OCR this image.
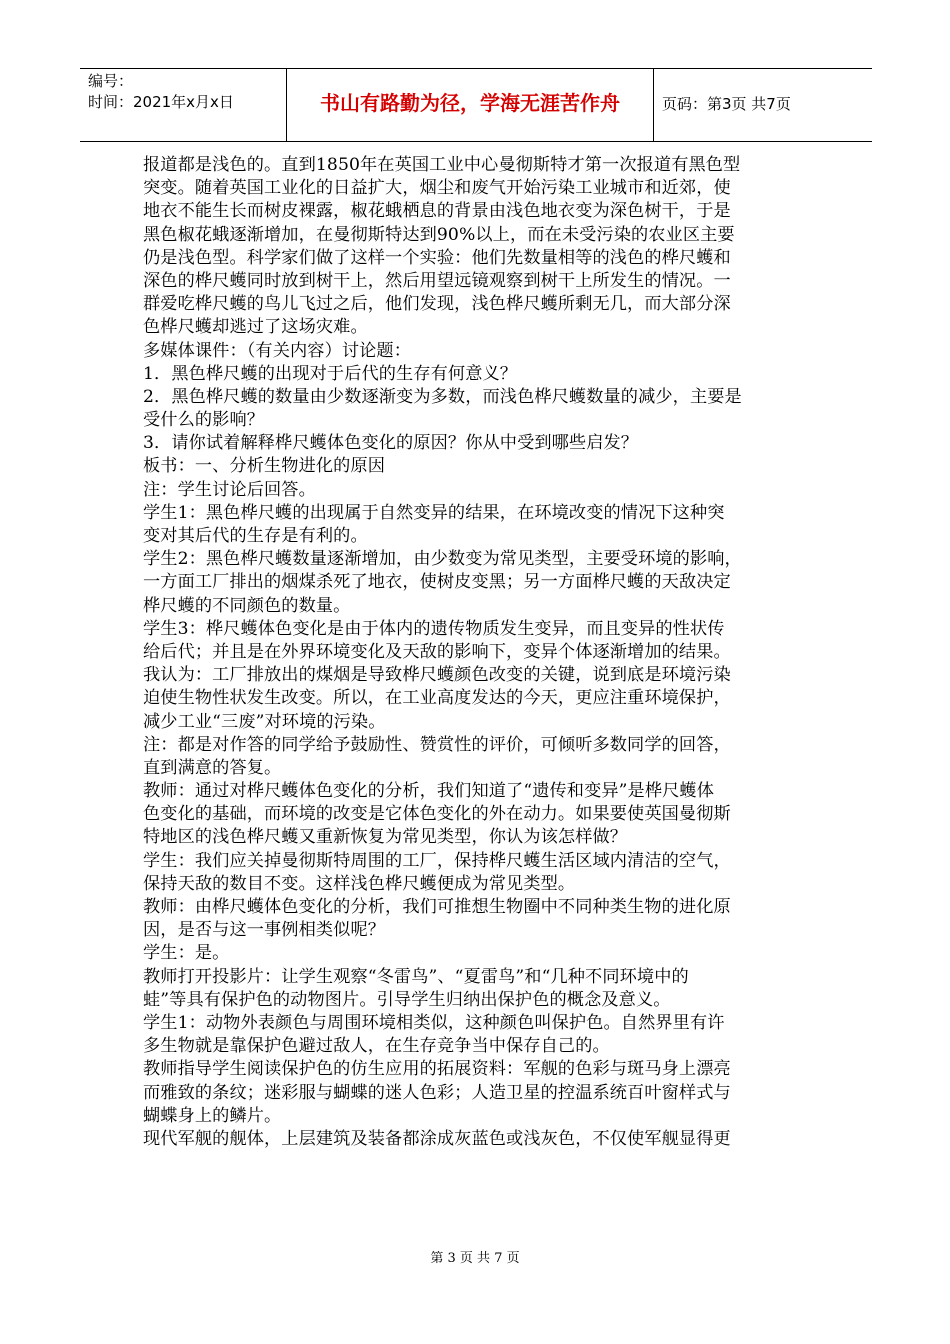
编号：
时间：2021年x月x日	书山有路勤为径，学海无涯苦作舟	页码：第3页 共7页
报道都是浅色的。直到1850年在英国工业中心曼彻斯特才第一次报道有黑色型
突变。随着英国工业化的日益扩大，烟尘和废气开始污染工业城市和近郊，使
地衣不能生长而树皮裸露，椒花蛾栖息的背景由浅色地衣变为深色树干，于是
黑色椒花蛾逐渐增加，在曼彻斯特达到90%以上，而在未受污染的农业区主要
仍是浅色型。科学家们做了这样一个实验：他们先数量相等的浅色的桦尺蠖和
深色的桦尺蠖同时放到树干上，然后用望远镜观察到树干上所发生的情况。一
群爱吃桦尺蠖的鸟儿飞过之后，他们发现，浅色桦尺蠖所剩无几，而大部分深
色桦尺蠖却逃过了这场灾难。
多媒体课件：（有关内容）讨论题：
1．黑色桦尺蠖的出现对于后代的生存有何意义？
2．黑色桦尺蠖的数量由少数逐渐变为多数，而浅色桦尺蠖数量的减少，主要是
受什么的影响？
3．请你试着解释桦尺蠖体色变化的原因？你从中受到哪些启发？
板书：一、分析生物进化的原因
注：学生讨论后回答。
学生1：黑色桦尺蠖的出现属于自然变异的结果，在环境改变的情况下这种突
变对其后代的生存是有利的。
学生2：黑色桦尺蠖数量逐渐增加，由少数变为常见类型，主要受环境的影响，
一方面工厂排出的烟煤杀死了地衣，使树皮变黑；另一方面桦尺蠖的天敌决定
桦尺蠖的不同颜色的数量。
学生3：桦尺蠖体色变化是由于体内的遗传物质发生变异，而且变异的性状传
给后代；并且是在外界环境变化及天敌的影响下，变异个体逐渐增加的结果。
我认为：工厂排放出的煤烟是导致桦尺蠖颜色改变的关键，说到底是环境污染
迫使生物性状发生改变。所以，在工业高度发达的今天，更应注重环境保护，
减少工业“三废”对环境的污染。
注：都是对作答的同学给予鼓励性、赞赏性的评价，可倾听多数同学的回答，
直到满意的答复。
教师：通过对桦尺蠖体色变化的分析，我们知道了“遗传和变异”是桦尺蠖体
色变化的基础，而环境的改变是它体色变化的外在动力。如果要使英国曼彻斯
特地区的浅色桦尺蠖又重新恢复为常见类型，你认为该怎样做？
学生：我们应关掉曼彻斯特周围的工厂，保持桦尺蠖生活区域内清洁的空气，
保持天敌的数目不变。这样浅色桦尺蠖便成为常见类型。
教师：由桦尺蠖体色变化的分析，我们可推想生物圈中不同种类生物的进化原
因，是否与这一事例相类似呢？
学生：是。
教师打开投影片：让学生观察“冬雷鸟”、“夏雷鸟”和“几种不同环境中的
蛙”等具有保护色的动物图片。引导学生归纳出保护色的概念及意义。
学生1：动物外表颜色与周围环境相类似，这种颜色叫保护色。自然界里有许
多生物就是靠保护色避过敌人，在生存竞争当中保存自己的。
教师指导学生阅读保护色的仿生应用的拓展资料：军舰的色彩与斑马身上漂亮
而雅致的条纹；迷彩服与蝴蝶的迷人色彩；人造卫星的控温系统百叶窗样式与
蝴蝶身上的鳞片。
现代军舰的舰体，上层建筑及装备都涂成灰蓝色或浅灰色，不仅使军舰显得更
第 3 页 共 7 页
